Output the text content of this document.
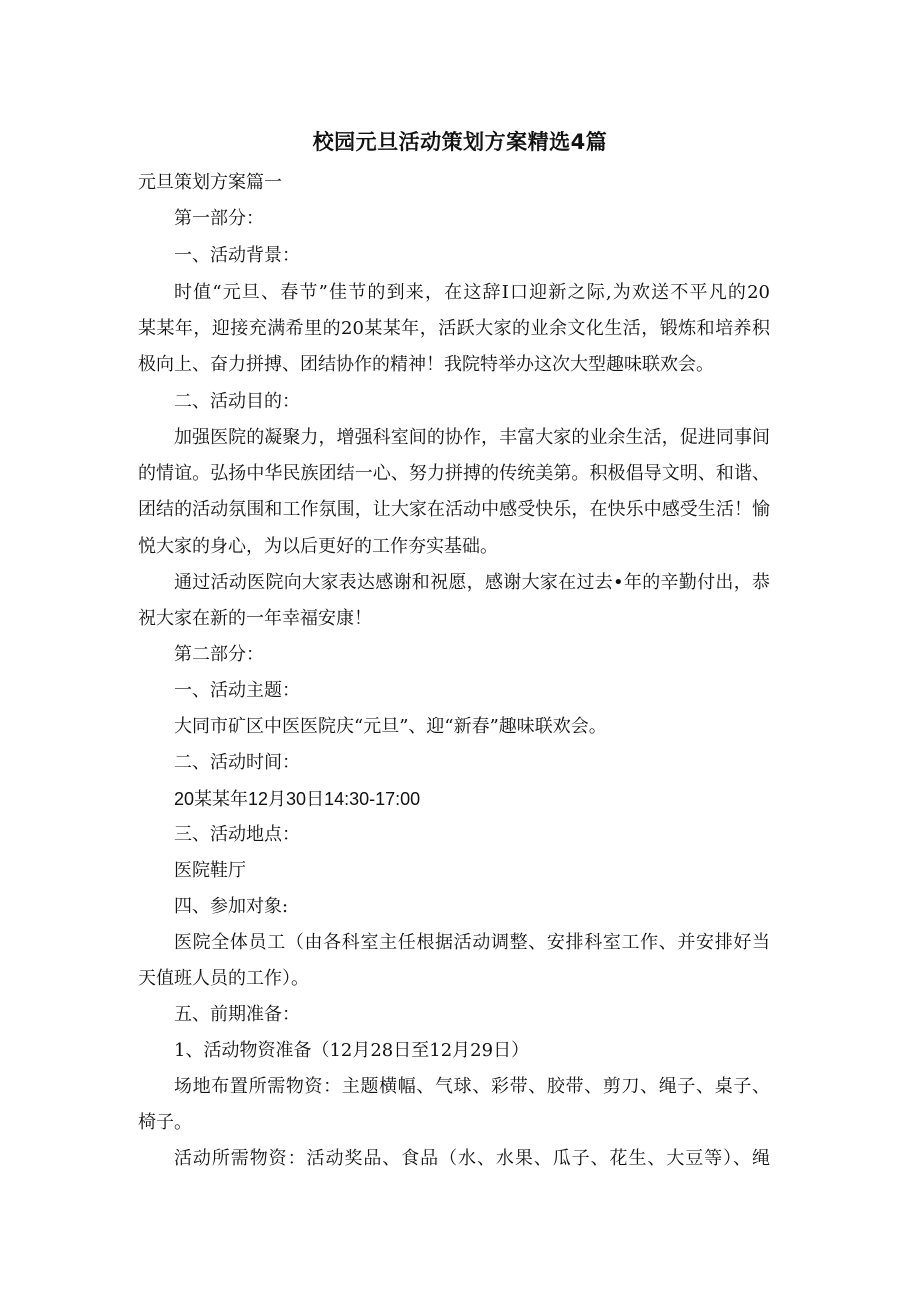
校园元旦活动策划方案精选4篇
元旦策划方案篇一
第一部分：
一、活动背景：
时值“元旦、春节”佳节的到来，在这辞I口迎新之际,为欢送不平凡的20
某某年，迎接充满希里的20某某年，活跃大家的业余文化生活，锻炼和培养积
极向上、奋力拼搏、团结协作的精神！我院特举办这次大型趣味联欢会。
二、活动目的：
加强医院的凝聚力，增强科室间的协作，丰富大家的业余生活，促进同事间
的情谊。弘扬中华民族团结一心、努力拼搏的传统美第。积极倡导文明、和谐、
团结的活动氛围和工作氛围，让大家在活动中感受快乐，在快乐中感受生活！愉
悦大家的身心，为以后更好的工作夯实基础。
通过活动医院向大家表达感谢和祝愿，感谢大家在过去•年的辛勤付出，恭
祝大家在新的一年幸福安康！
第二部分：
一、活动主题：
大同市矿区中医医院庆“元旦”、迎“新春”趣味联欢会。
二、活动时间：
20某某年12月30日14:30-17:00
三、活动地点：
医院鞋厅
四、参加对象:
医院全体员工（由各科室主任根据活动调整、安排科室工作、并安排好当
天值班人员的工作）。
五、前期准备：
1、活动物资准备（12月28日至12月29日）
场地布置所需物资：主题横幅、气球、彩带、胶带、剪刀、绳子、桌子、
椅子。
活动所需物资：活动奖品、食品（水、水果、瓜子、花生、大豆等）、绳
